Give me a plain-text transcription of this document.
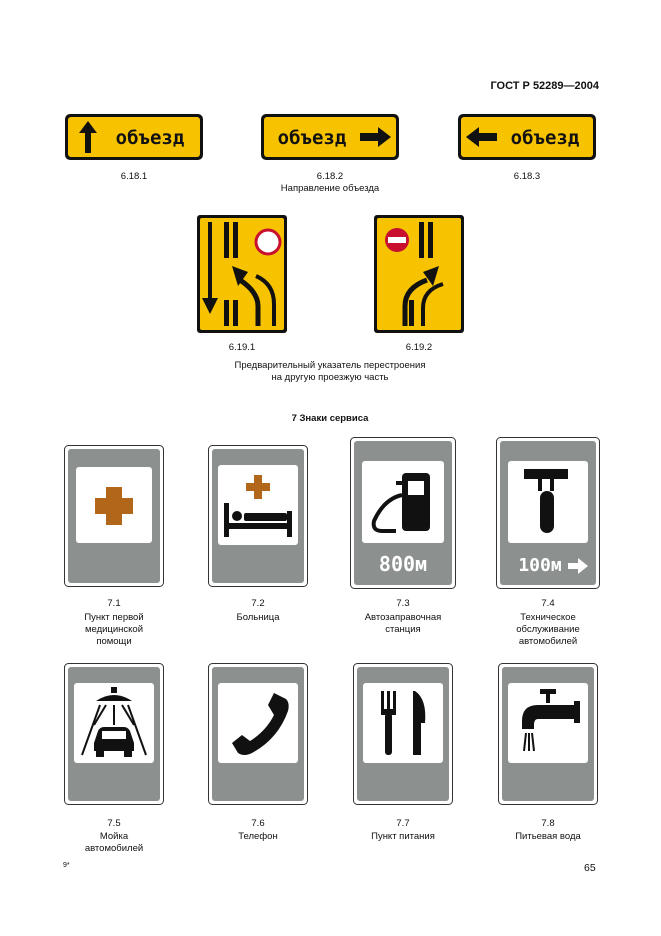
ГОСТ Р 52289—2004
объезд	объезд	объезд
6.18.1	6.18.2	6.18.3
Направление объезда
6.19.1	6.19.2
Предварительный указатель перестроения
на другую проезжую часть
7 Знаки сервиса
800м	100м
7.1
Пункт первой
медицинской
помощи
7.2
Больница
7.3
Автозаправочная
станция
7.4
Техническое
обслуживание
автомобилей
7.5
Мойка
автомобилей
7.6
Телефон
7.7
Пункт питания
7.8
Питьевая вода
9*	65
